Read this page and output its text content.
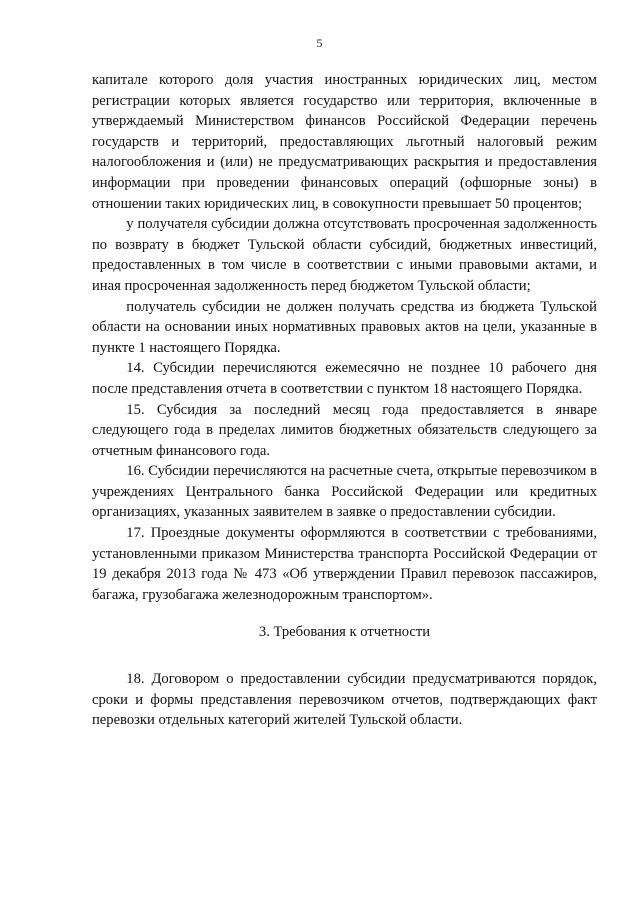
5

капитале которого доля участия иностранных юридических лиц, местом регистрации которых является государство или территория, включенные в утверждаемый Министерством финансов Российской Федерации перечень государств и территорий, предоставляющих льготный налоговый режим налогообложения и (или) не предусматривающих раскрытия и предоставления информации при проведении финансовых операций (офшорные зоны) в отношении таких юридических лиц, в совокупности превышает 50 процентов;

у получателя субсидии должна отсутствовать просроченная задолженность по возврату в бюджет Тульской области субсидий, бюджетных инвестиций, предоставленных в том числе в соответствии с иными правовыми актами, и иная просроченная задолженность перед бюджетом Тульской области;

получатель субсидии не должен получать средства из бюджета Тульской области на основании иных нормативных правовых актов на цели, указанные в пункте 1 настоящего Порядка.

14. Субсидии перечисляются ежемесячно не позднее 10 рабочего дня после представления отчета в соответствии с пунктом 18 настоящего Порядка.

15. Субсидия за последний месяц года предоставляется в январе следующего года в пределах лимитов бюджетных обязательств следующего за отчетным финансового года.

16. Субсидии перечисляются на расчетные счета, открытые перевозчиком в учреждениях Центрального банка Российской Федерации или кредитных организациях, указанных заявителем в заявке о предоставлении субсидии.

17. Проездные документы оформляются в соответствии с требованиями, установленными приказом Министерства транспорта Российской Федерации от 19 декабря 2013 года № 473 «Об утверждении Правил перевозок пассажиров, багажа, грузобагажа железнодорожным транспортом».

3. Требования к отчетности

18. Договором о предоставлении субсидии предусматриваются порядок, сроки и формы представления перевозчиком отчетов, подтверждающих факт перевозки отдельных категорий жителей Тульской области.
